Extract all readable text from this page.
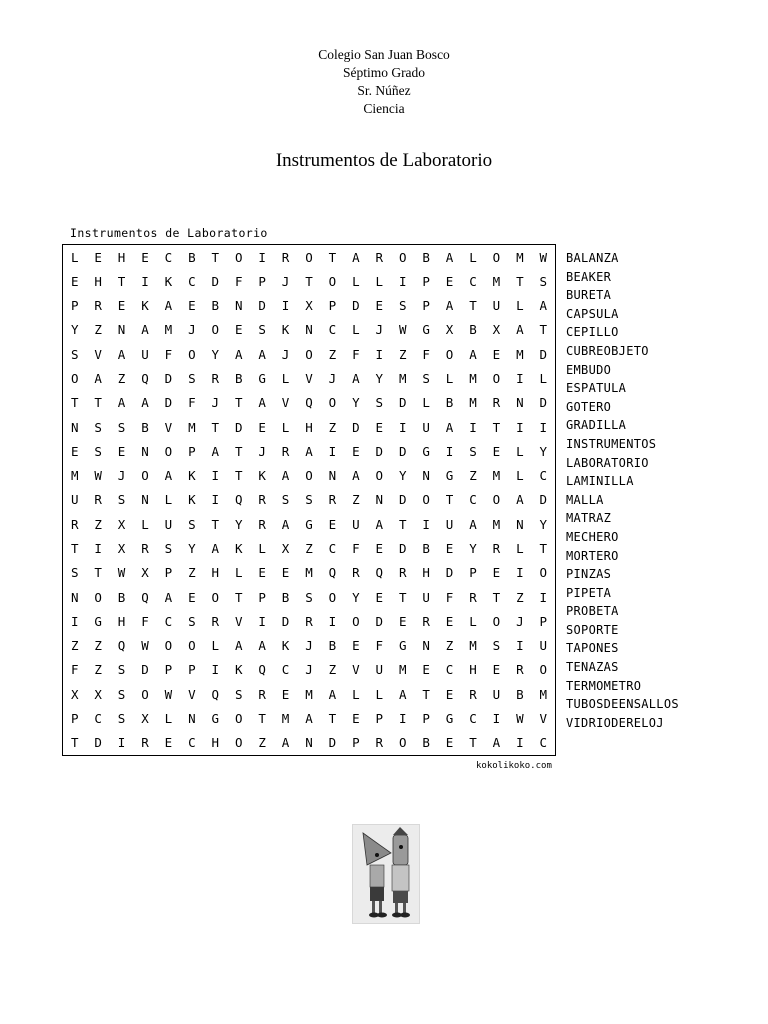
Colegio San Juan Bosco
Séptimo Grado
Sr. Núñez
Ciencia
Instrumentos de Laboratorio
Instrumentos de Laboratorio
L	E	H	E	C	B	T	O	I	R	O	T	A	R	O	B	A	L	O	M	W
E	H	T	I	K	C	D	F	P	J	T	O	L	L	I	P	E	C	M	T	S
P	R	E	K	A	E	B	N	D	I	X	P	D	E	S	P	A	T	U	L	A
Y	Z	N	A	M	J	O	E	S	K	N	C	L	J	W	G	X	B	X	A	T
S	V	A	U	F	O	Y	A	A	J	O	Z	F	I	Z	F	O	A	E	M	D
O	A	Z	Q	D	S	R	B	G	L	V	J	A	Y	M	S	L	M	O	I	L
T	T	A	A	D	F	J	T	A	V	Q	O	Y	S	D	L	B	M	R	N	D
N	S	S	B	V	M	T	D	E	L	H	Z	D	E	I	U	A	I	T	I	I
E	S	E	N	O	P	A	T	J	R	A	I	E	D	D	G	I	S	E	L	Y
M	W	J	O	A	K	I	T	K	A	O	N	A	O	Y	N	G	Z	M	L	C
U	R	S	N	L	K	I	Q	R	S	S	R	Z	N	D	O	T	C	O	A	D
R	Z	X	L	U	S	T	Y	R	A	G	E	U	A	T	I	U	A	M	N	Y
T	I	X	R	S	Y	A	K	L	X	Z	C	F	E	D	B	E	Y	R	L	T
S	T	W	X	P	Z	H	L	E	E	M	Q	R	Q	R	H	D	P	E	I	O
N	O	B	Q	A	E	O	T	P	B	S	O	Y	E	T	U	F	R	T	Z	I
I	G	H	F	C	S	R	V	I	D	R	I	O	D	E	R	E	L	O	J	P
Z	Z	Q	W	O	O	L	A	A	K	J	B	E	F	G	N	Z	M	S	I	U
F	Z	S	D	P	P	I	K	Q	C	J	Z	V	U	M	E	C	H	E	R	O
X	X	S	O	W	V	Q	S	R	E	M	A	L	L	A	T	E	R	U	B	M
P	C	S	X	L	N	G	O	T	M	A	T	E	P	I	P	G	C	I	W	V
T	D	I	R	E	C	H	O	Z	A	N	D	P	R	O	B	E	T	A	I	C
BALANZA
BEAKER
BURETA
CAPSULA
CEPILLO
CUBREOBJETO
EMBUDO
ESPATULA
GOTERO
GRADILLA
INSTRUMENTOS
LABORATORIO
LAMINILLA
MALLA
MATRAZ
MECHERO
MORTERO
PINZAS
PIPETA
PROBETA
SOPORTE
TAPONES
TENAZAS
TERMOMETRO
TUBOSDEENSALLOS
VIDRIODERELOJ
kokolikoko.com
